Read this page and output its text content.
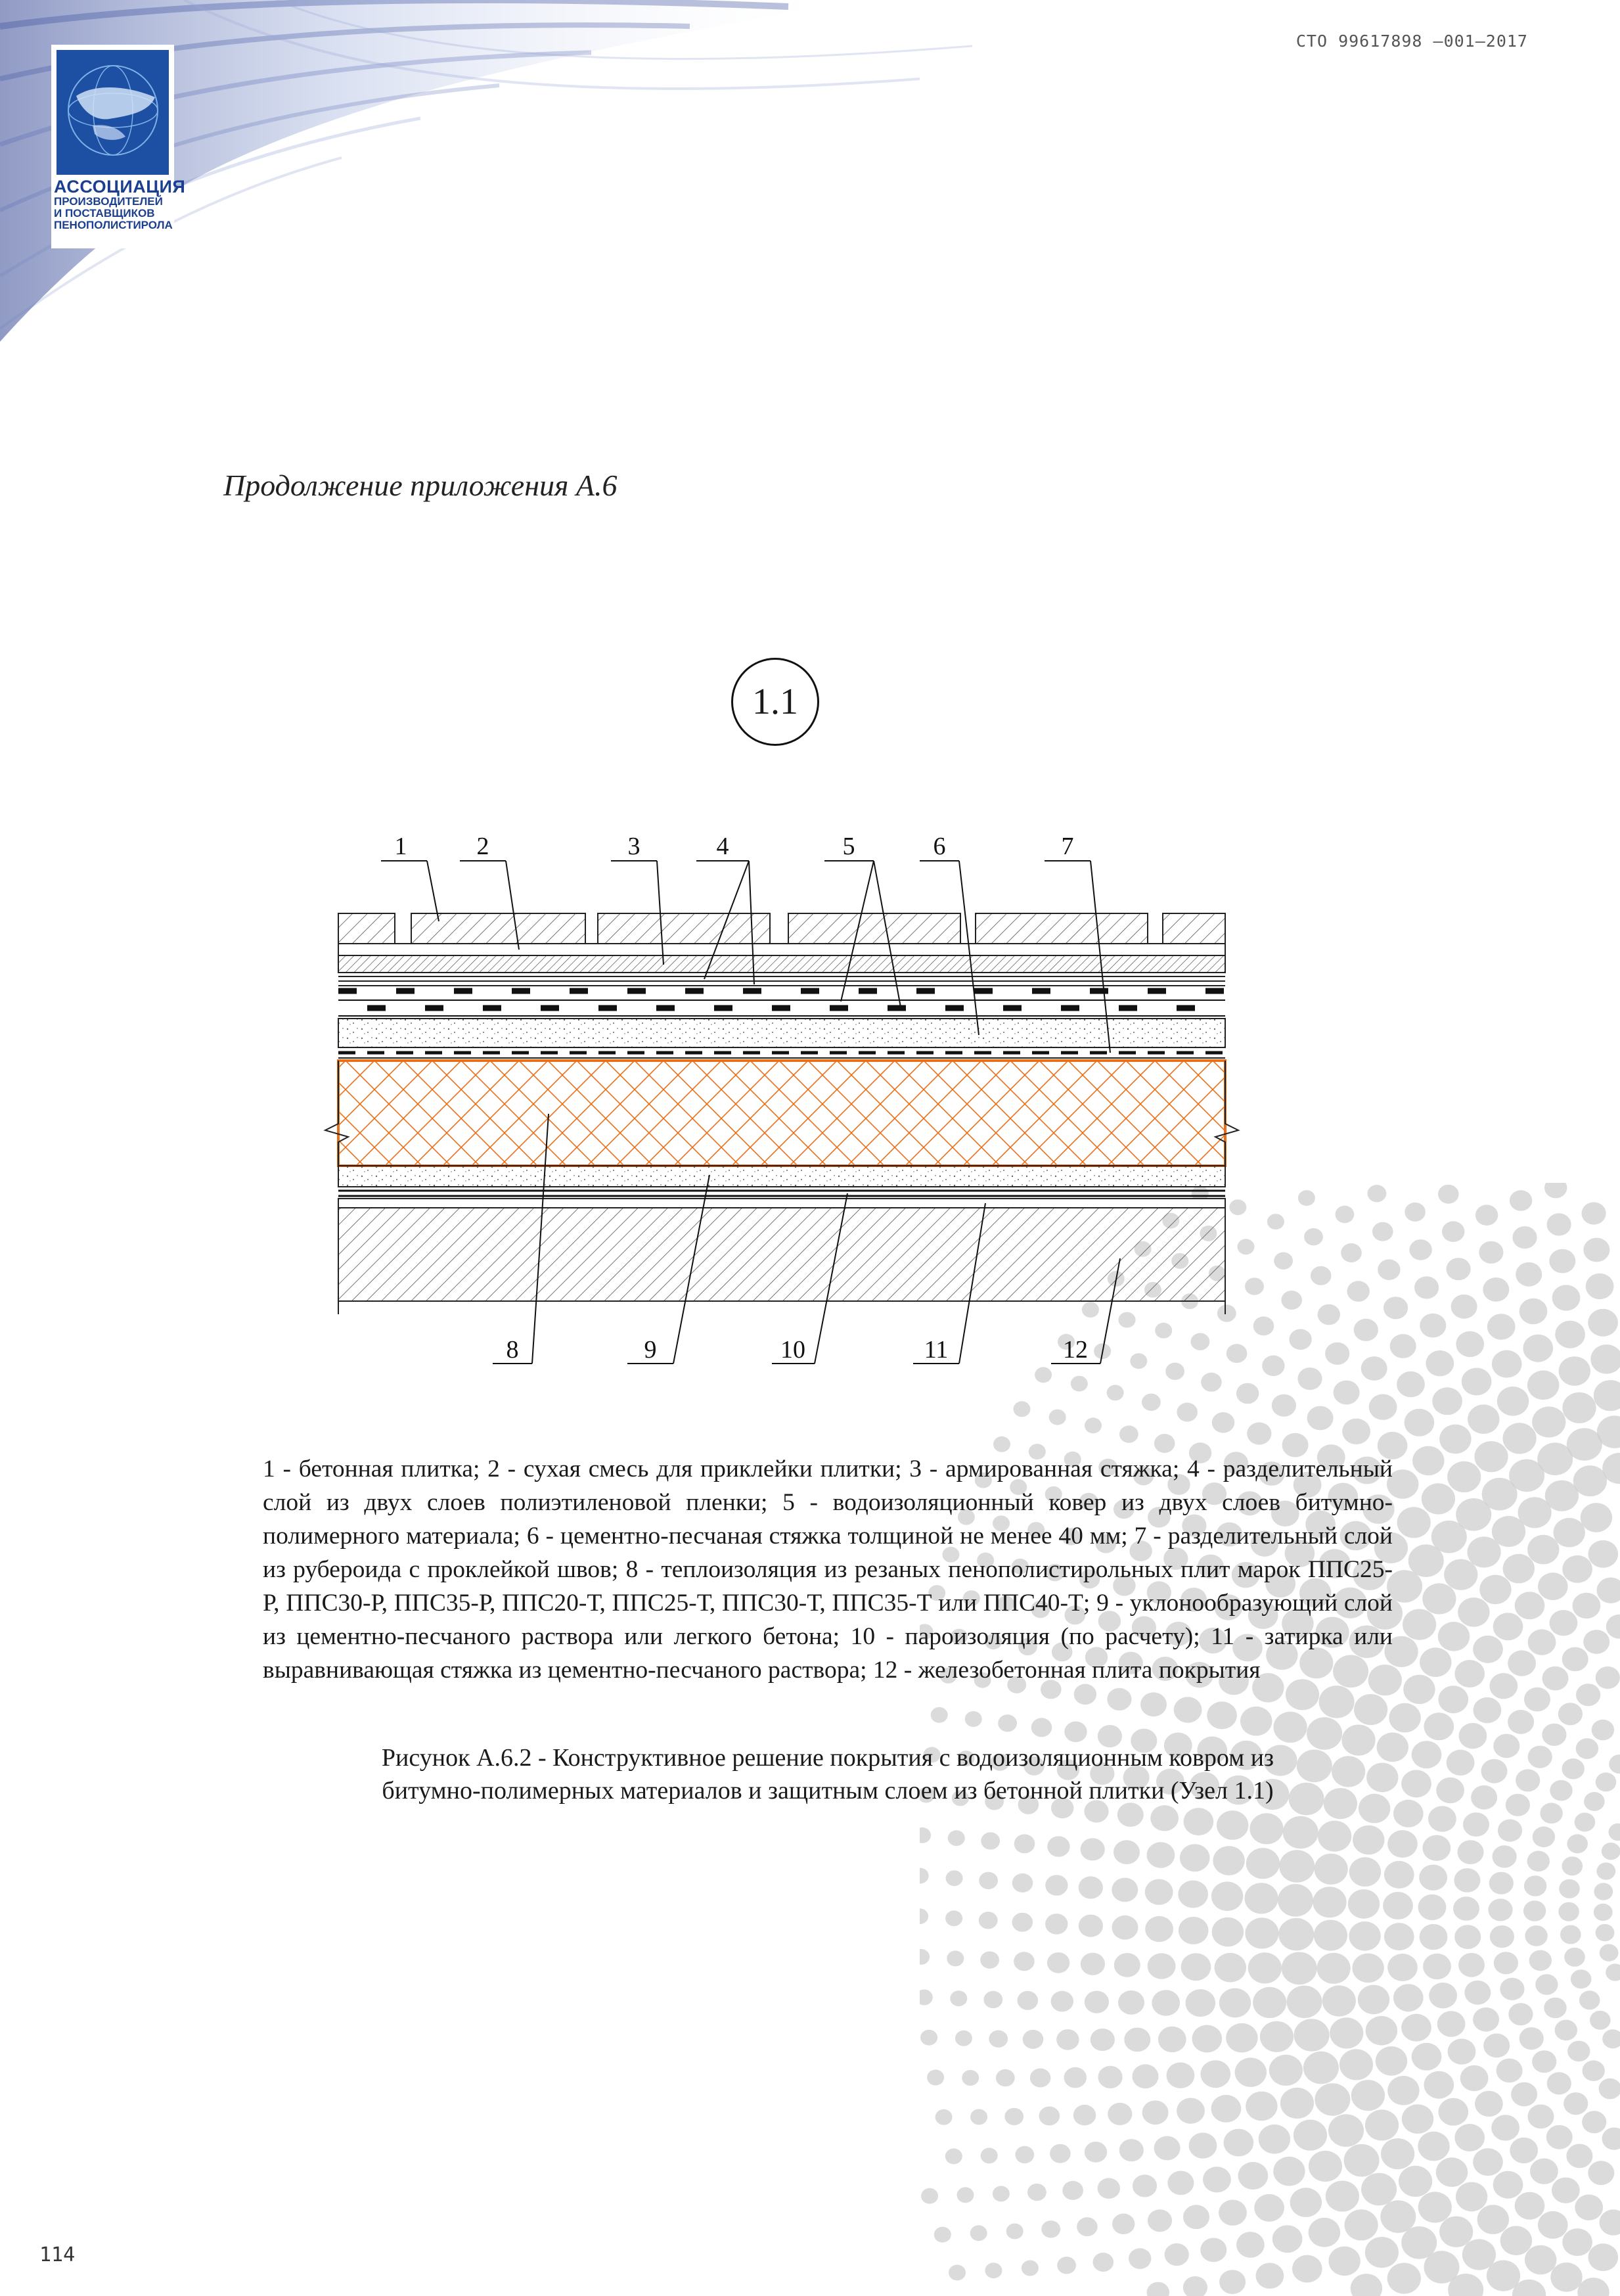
АССОЦИАЦИЯ
ПРОИЗВОДИТЕЛЕЙ
И ПОСТАВЩИКОВ
ПЕНОПОЛИСТИРОЛА
СТО 99617898 –001–2017
Продолжение приложения А.6
1.1
1	2	3	4	5	6	7
8	9	10	11	12
1 - бетонная плитка; 2 - сухая смесь для приклейки плитки; 3 - армированная стяжка; 4 - разделительный слой из двух слоев полиэтиленовой пленки; 5 - водоизоляционный ковер из двух слоев битумно-полимерного материала; 6 - цементно-песчаная стяжка толщиной не менее 40 мм; 7 - разделительный слой из рубероида с проклейкой швов; 8 - теплоизоляция из резаных пенополистирольных плит марок ППС25-Р, ППС30-Р, ППС35-Р, ППС20-Т, ППС25-Т, ППС30-Т, ППС35-Т или ППС40-Т; 9 - уклонообразующий слой из цементно-песчаного раствора или легкого бетона; 10 - пароизоляция (по расчету); 11 - затирка или выравнивающая стяжка из цементно-песчаного раствора; 12 - железобетонная плита покрытия
Рисунок А.6.2 - Конструктивное решение покрытия с водоизоляционным ковром из
битумно-полимерных материалов и защитным слоем из бетонной плитки (Узел 1.1)
114
